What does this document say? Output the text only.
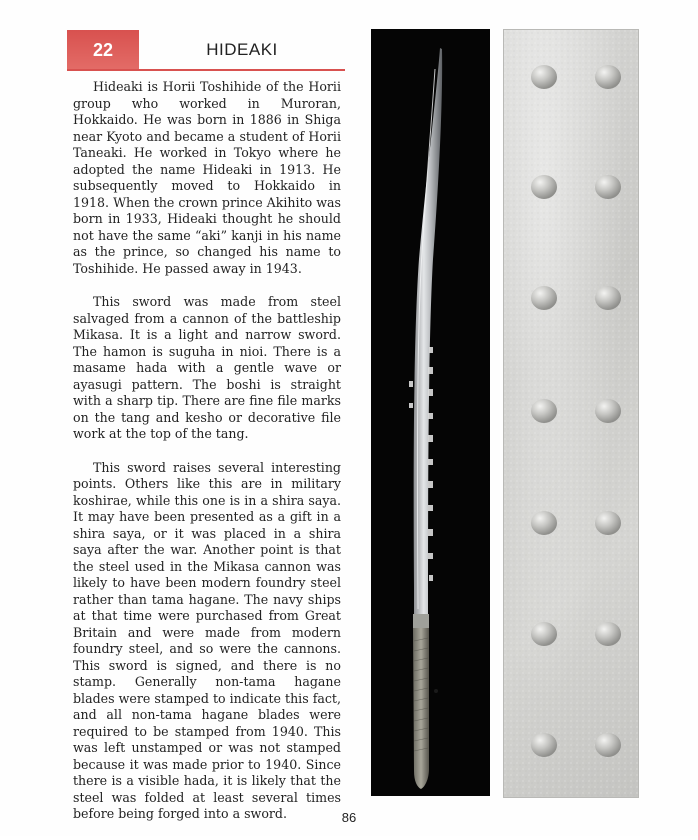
22	HIDEAKI

Hideaki is Horii Toshihide of the Horii group who worked in Muroran, Hokkaido. He was born in 1886 in Shiga near Kyoto and became a student of Horii Taneaki. He worked in Tokyo where he adopted the name Hideaki in 1913. He subsequently moved to Hokkaido in 1918. When the crown prince Akihito was born in 1933, Hideaki thought he should not have the same “aki” kanji in his name as the prince, so changed his name to Toshihide. He passed away in 1943.

This sword was made from steel salvaged from a cannon of the battleship Mikasa. It is a light and narrow sword. The hamon is suguha in nioi. There is a masame hada with a gentle wave or ayasugi pattern. The boshi is straight with a sharp tip. There are fine file marks on the tang and kesho or decorative file work at the top of the tang.

This sword raises several interesting points. Others like this are in military koshirae, while this one is in a shira saya. It may have been presented as a gift in a shira saya, or it was placed in a shira saya after the war. Another point is that the steel used in the Mikasa cannon was likely to have been modern foundry steel rather than tama hagane. The navy ships at that time were purchased from Great Britain and were made from modern foundry steel, and so were the cannons. This sword is signed, and there is no stamp. Generally non-tama hagane blades were stamped to indicate this fact, and all non-tama hagane blades were required to be stamped from 1940. This was left unstamped or was not stamped because it was made prior to 1940. Since there is a visible hada, it is likely that the steel was folded at least several times before being forged into a sword.	86
